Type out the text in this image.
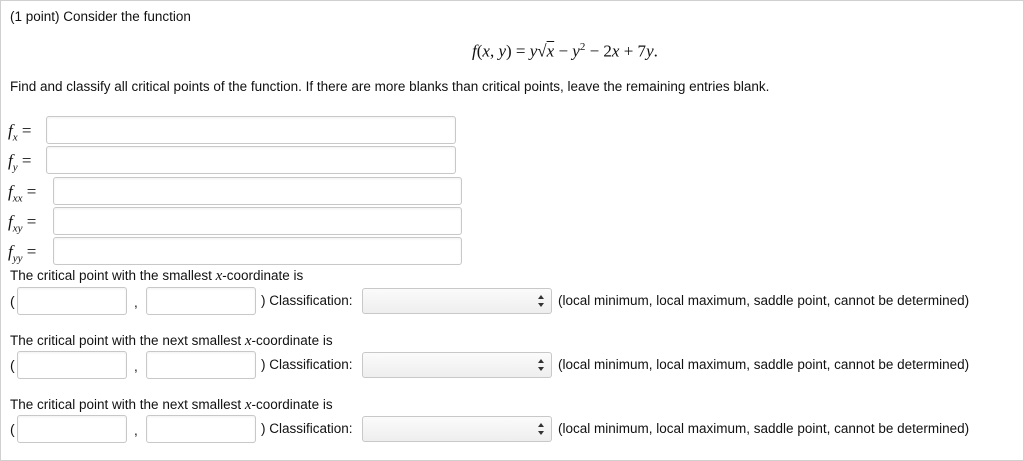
(1 point) Consider the function
f(x, $y) = y√x - y^2 - 2x + 7y$.
Find and classify all critical points of the function. If there are more blanks than critical points, leave the remaining entries blank.
$f_x$ =
$f_y$ =
$f_{xx}$ =
$f_{xy}$ =
$f_{yy}$ =
The critical point with the smallest x-coordinate is
(	,	) Classification:	(local minimum, local maximum, saddle point, cannot be determined)
The critical point with the next smallest x-coordinate is
(	,	) Classification:	(local minimum, local maximum, saddle point, cannot be determined)
The critical point with the next smallest x-coordinate is
(	,	) Classification:	(local minimum, local maximum, saddle point, cannot be determined)
